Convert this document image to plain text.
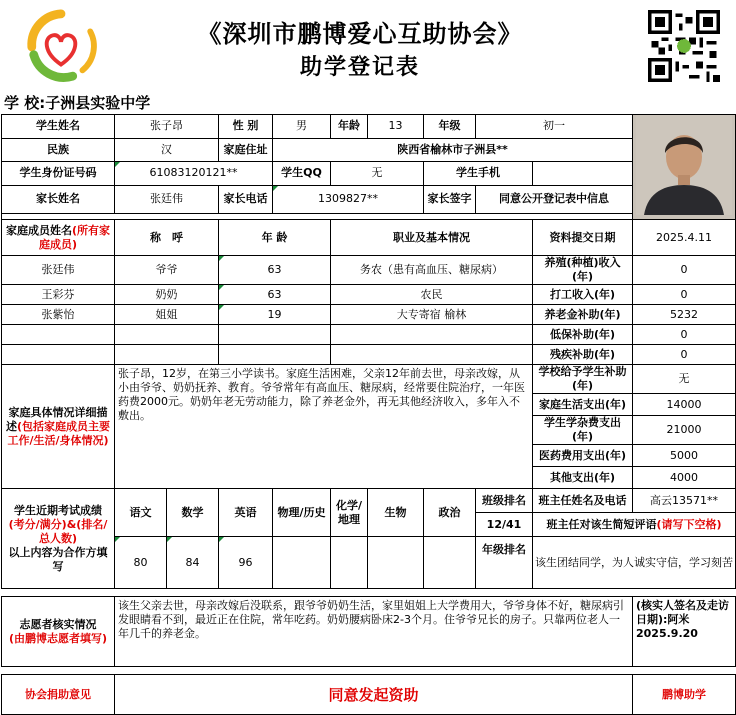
《深圳市鹏博爱心互助协会》
助学登记表
学 校:子洲县实验中学
学生姓名	张子昂		性 别	男	年龄	13	年级	初一	
民族	汉		家庭住址	陕西省榆林市子洲县**						
学生身份证号码	61083120121**			学生QQ	无		学生手机			
家长姓名	张廷伟		家长电话	1309827**			家长签字	同意公开登记表中信息		

家庭成员姓名(所有家庭成员)	称　呼		年 龄		职业及基本情况				资料提交日期	2025.4.11
张廷伟	爷爷		63		务农（患有高血压、糖尿病）				养殖(种植)收入(年)	0
王彩芬	奶奶		63		农民				打工收入(年)	0
张紫怡	姐姐		19		大专寄宿 榆林				养老金补助(年)	5232
									低保补助(年)	0
									残疾补助(年)	0
家庭具体情况详细描述(包括家庭成员主要工作/生活/身体情况)	张子昂，12岁，在第三小学读书。家庭生活困难，父亲12年前去世，母亲改嫁，从小由爷爷、奶奶抚养、教育。爷爷常年有高血压、糖尿病，经常要住院治疗，一年医药费2000元。奶奶年老无劳动能力，除了养老金外，再无其他经济收入，多年入不敷出。								学校给予学生补助(年)	无
									家庭生活支出(年)	14000
									学生学杂费支出(年)	21000
									医药费用支出(年)	5000
									其他支出(年)	4000

学生近期考试成绩
(考分/满分)&(排名/总人数)
以上内容为合作方填写	语文	数学	英语	物理/历史	化学/地理	生物	政治	班级排名	班主任姓名及电话	高云13571**
								12/41	班主任对该生简短评语(请写下空格)	
	80	84	96					年级排名	该生团结同学，为人诚实守信，学习刻苦	

志愿者核实情况
(由鹏博志愿者填写)	该生父亲去世，母亲改嫁后没联系，跟爷爷奶奶生活，家里姐姐上大学费用大，爷爷身体不好，糖尿病引发眼睛看不到，最近正在住院，常年吃药。奶奶腰病卧床2-3个月。住爷爷兄长的房子。只靠两位老人一年几千的养老金。									(核实人签名及走访日期):阿米 2025.9.20

协会捐助意见	同意发起资助									鹏博助学
